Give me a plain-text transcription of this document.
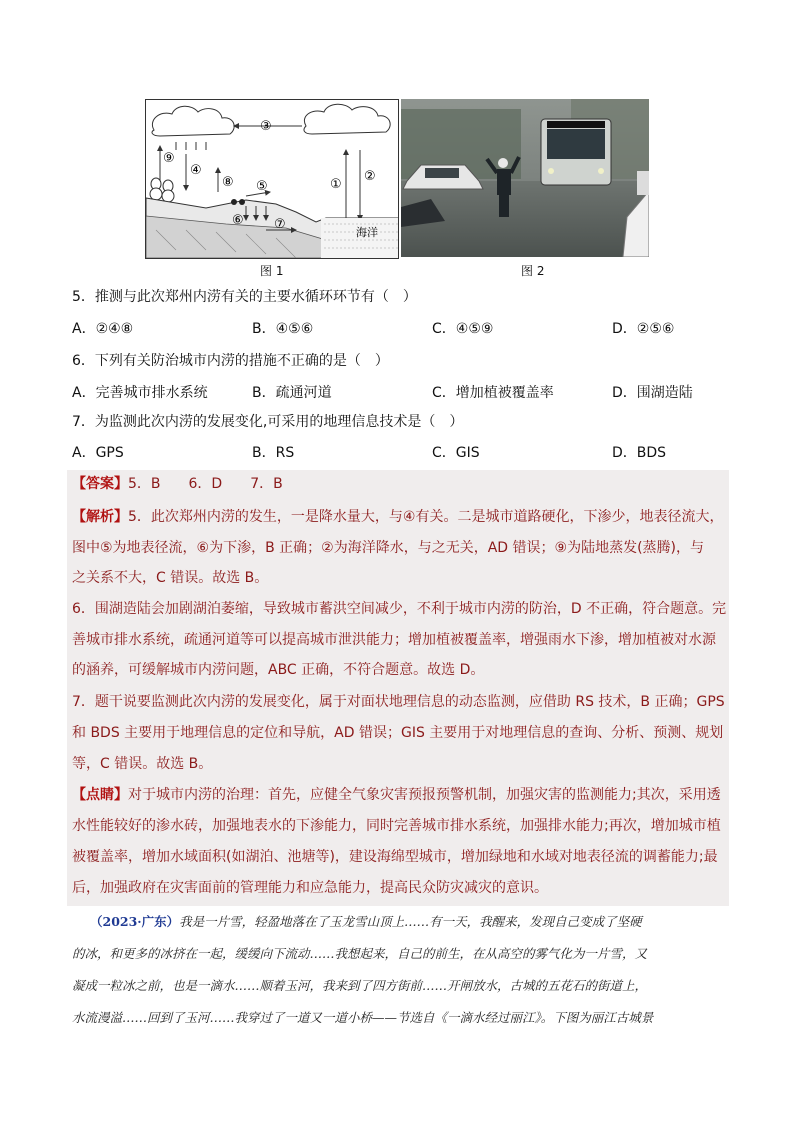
③
⑨
④
⑧	①
②
海洋
⑤
⑥ ⑦
图 1	图 2
5．推测与此次郑州内涝有关的主要水循环环节有（　）
A．②④⑧	B．④⑤⑥	C．④⑤⑨	D．②⑤⑥
6．下列有关防治城市内涝的措施不正确的是（　）
A．完善城市排水系统	B．疏通河道	C．增加植被覆盖率	D．围湖造陆
7．为监测此次内涝的发展变化,可采用的地理信息技术是（　）
A．GPS	B．RS	C．GIS	D．BDS
【答案】5．B　　6．D　　7．B
【解析】5．此次郑州内涝的发生，一是降水量大，与④有关。二是城市道路硬化，下渗少，地表径流大，
图中⑤为地表径流，⑥为下渗，B 正确；②为海洋降水，与之无关，AD 错误；⑨为陆地蒸发(蒸腾)，与
之关系不大，C 错误。故选 B。
6．围湖造陆会加剧湖泊萎缩，导致城市蓄洪空间减少，不利于城市内涝的防治，D 不正确，符合题意。完
善城市排水系统，疏通河道等可以提高城市泄洪能力；增加植被覆盖率，增强雨水下渗，增加植被对水源
的涵养，可缓解城市内涝问题，ABC 正确，不符合题意。故选 D。
7．题干说要监测此次内涝的发展变化，属于对面状地理信息的动态监测，应借助 RS 技术，B 正确；GPS
和 BDS 主要用于地理信息的定位和导航，AD 错误；GIS 主要用于对地理信息的查询、分析、预测、规划
等，C 错误。故选 B。
【点睛】对于城市内涝的治理：首先，应健全气象灾害预报预警机制，加强灾害的监测能力;其次，采用透
水性能较好的渗水砖，加强地表水的下渗能力，同时完善城市排水系统，加强排水能力;再次，增加城市植
被覆盖率，增加水域面积(如湖泊、池塘等)，建设海绵型城市，增加绿地和水域对地表径流的调蓄能力;最
后，加强政府在灾害面前的管理能力和应急能力，提高民众防灾减灾的意识。
（2023·广东）我是一片雪，轻盈地落在了玉龙雪山顶上……有一天，我醒来，发现自己变成了坚硬
的冰，和更多的冰挤在一起，缓缓向下流动……我想起来，自己的前生，在从高空的雾气化为一片雪，又
凝成一粒冰之前，也是一滴水……顺着玉河，我来到了四方街前……开闸放水，古城的五花石的街道上，
水流漫溢……回到了玉河……我穿过了一道又一道小桥——节选自《一滴水经过丽江》。下图为丽江古城景
